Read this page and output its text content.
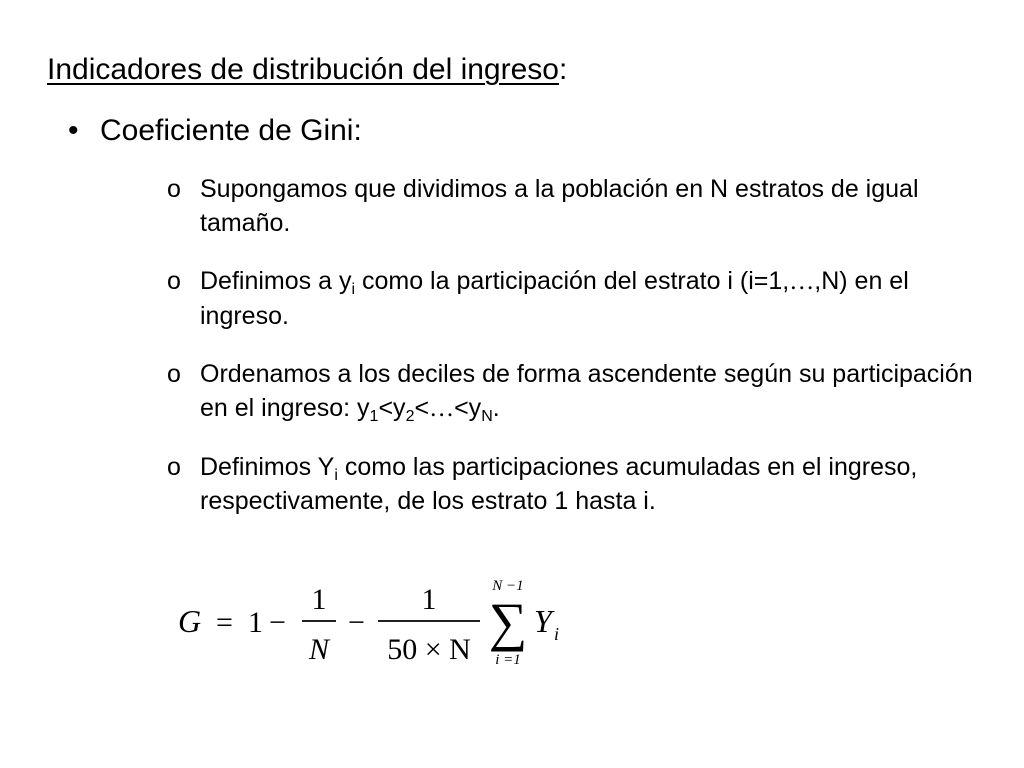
Indicadores de distribución del ingreso:
• Coeficiente de Gini:
o Supongamos que dividimos a la población en N estratos de igual tamaño.
o Definimos a $y_i$ como la participación del estrato i (i=1,…,N) en el ingreso.
o Ordenamos a los deciles de forma ascendente según su participación en el ingreso: $y_1<y_2<\dots<y_N$.
o Definimos $Y_i$ como las participaciones acumuladas en el ingreso, respectivamente, de los estrato 1 hasta i.
G = 1 −
1
N
−
1
50 × N
N −1
∑
i =1
Y i
